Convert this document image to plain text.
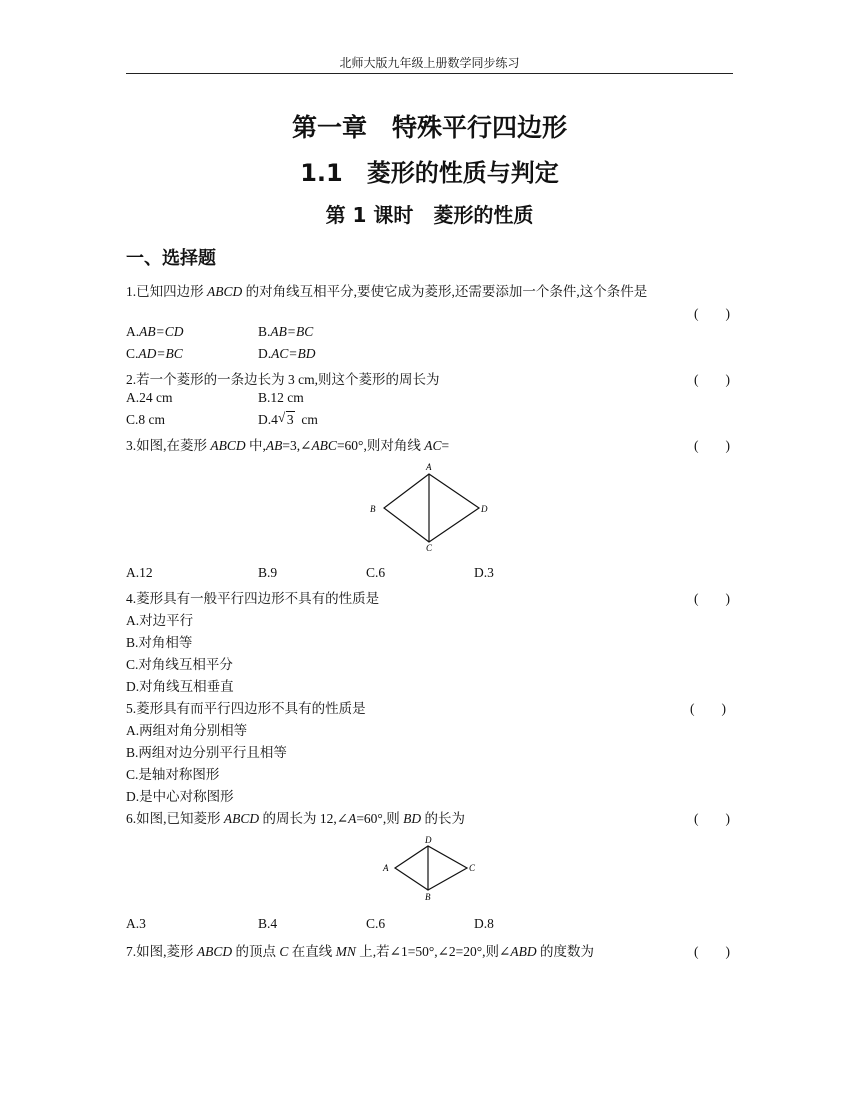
北师大版九年级上册数学同步练习
第一章　特殊平行四边形
1.1　菱形的性质与判定
第 1 课时　菱形的性质
一、选择题
1.已知四边形 ABCD 的对角线互相平分,要使它成为菱形,还需要添加一个条件,这个条件是
(　　)
A.AB=CD	B.AB=BC
C.AD=BC	D.AC=BD
2.若一个菱形的一条边长为 3 cm,则这个菱形的周长为	(　　)
A.24 cm	B.12 cm
C.8 cm	D.4 √ 3 cm
3.如图,在菱形 ABCD 中,AB=3,∠ABC=60°,则对角线 AC=	(　　)
A
B
C
D
A.12	B.9	C.6	D.3
4.菱形具有一般平行四边形不具有的性质是	(　　)
A.对边平行
B.对角相等
C.对角线互相平分
D.对角线互相垂直
5.菱形具有而平行四边形不具有的性质是	(　　)
A.两组对角分别相等
B.两组对边分别平行且相等
C.是轴对称图形
D.是中心对称图形
6.如图,已知菱形 ABCD 的周长为 12,∠A=60°,则 BD 的长为	(　　)
A
B
C
D
A.3	B.4	C.6	D.8
7.如图,菱形 ABCD 的顶点 C 在直线 MN 上,若∠1=50°,∠2=20°,则∠ABD 的度数为	(　　)
